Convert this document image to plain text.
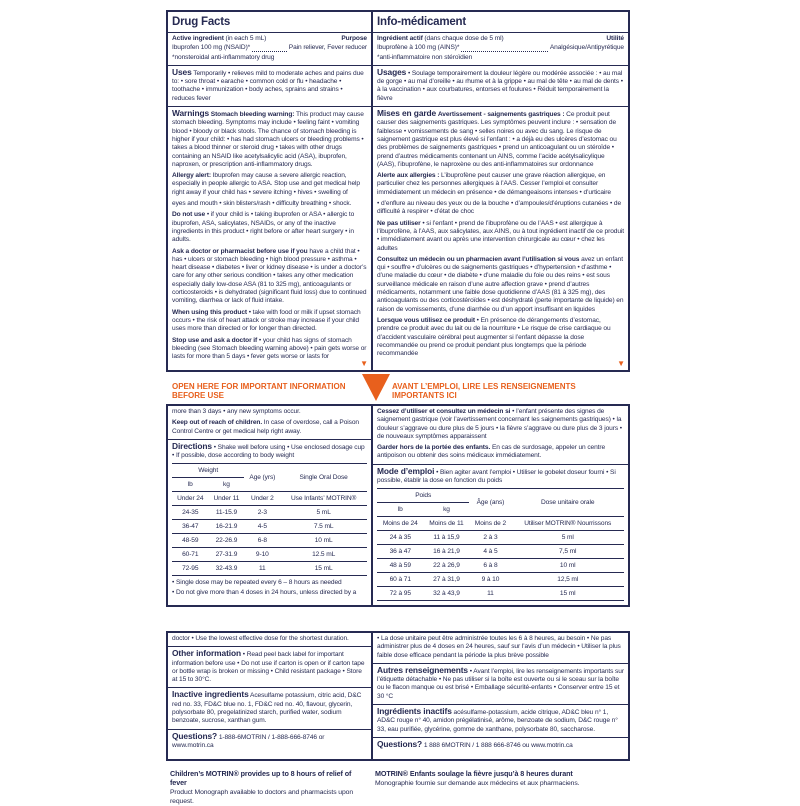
Drug Facts
Active ingredient (in each 5 mL)	Purpose
Ibuprofen 100 mg (NSAID)*	Pain reliever, Fever reducer
*nonsteroidal anti-inflammatory drug
Uses Temporarily • relieves mild to moderate aches and pains due to: • sore throat • earache • common cold or flu • headache • toothache • immunization • body aches, sprains and strains • reduces fever

Warnings Stomach bleeding warning: This product may cause stomach bleeding. Symptoms may include • feeling faint • vomiting blood • bloody or black stools. The chance of stomach bleeding is higher if your child: • has had stomach ulcers or bleeding problems • takes a blood thinner or steroid drug • takes with other drugs containing an NSAID like acetylsalicylic acid (ASA), ibuprofen, naproxen, or prescription anti-inflammatory drugs.

Allergy alert: Ibuprofen may cause a severe allergic reaction, especially in people allergic to ASA. Stop use and get medical help right away if your child has • severe itching • hives • swelling of

eyes and mouth • skin blisters/rash • difficulty breathing • shock.

Do not use • if your child is • taking ibuprofen or ASA • allergic to ibuprofen, ASA, salicylates, NSAIDs, or any of the inactive ingredients in this product • right before or after heart surgery • in adults.

Ask a doctor or pharmacist before use if you have a child that • has • ulcers or stomach bleeding • high blood pressure • asthma • heart disease • diabetes • liver or kidney disease • is under a doctor’s care for any other serious condition • takes any other medication especially daily low-dose ASA (81 to 325 mg), anticoagulants or corticosteroids • is dehydrated (significant fluid loss) due to continued vomiting, diarrhea or lack of fluid intake.

When using this product • take with food or milk if upset stomach occurs • the risk of heart attack or stroke may increase if your child uses more than directed or for longer than directed.

Stop use and ask a doctor if • your child has signs of stomach bleeding (see Stomach bleeding warning above) • pain gets worse or lasts for more than 5 days • fever gets worse or lasts for

▼
Info-médicament
Ingrédient actif (dans chaque dose de 5 ml)	Utilité
Ibuprofène à 100 mg (AINS)*	Analgésique/Antipyrétique
*anti-inflammatoire non stéroïdien
Usages • Soulage temporairement la douleur légère ou modérée associée : • au mal de gorge • au mal d’oreille • au rhume et à la grippe • au mal de tête • au mal de dents • à la vaccination • aux courbatures, entorses et foulures • Réduit temporairement la fièvre

Mises en garde Avertissement - saignements gastriques : Ce produit peut causer des saignements gastriques. Les symptômes peuvent inclure : • sensation de faiblesse • vomissements de sang • selles noires ou avec du sang. Le risque de saignement gastrique est plus élevé si l’enfant : • a déjà eu des ulcères d’estomac ou des problèmes de saignements gastriques • prend un anticoagulant ou un stéroïde • prend d’autres médicaments contenant un AINS, comme l’acide acétylsalicylique (AAS), l’ibuprofène, le naproxène ou des anti-inflammatoires sur ordonnance

Alerte aux allergies : L’ibuprofène peut causer une grave réaction allergique, en particulier chez les personnes allergiques à l’AAS. Cesser l’emploi et consulter immédiatement un médecin en présence • de démangeaisons intenses • d’urticaire

• d’enflure au niveau des yeux ou de la bouche • d’ampoules/d’éruptions cutanées • de difficulté à respirer • d’état de choc

Ne pas utiliser • si l’enfant • prend de l’ibuprofène ou de l’AAS • est allergique à l’ibuprofène, à l’AAS, aux salicylates, aux AINS, ou à tout ingrédient inactif de ce produit • immédiatement avant ou après une intervention chirurgicale au cœur • chez les adultes

Consultez un médecin ou un pharmacien avant l’utilisation si vous avez un enfant qui • souffre • d’ulcères ou de saignements gastriques • d’hypertension • d’asthme • d’une maladie du cœur • de diabète • d’une maladie du foie ou des reins • est sous surveillance médicale en raison d’une autre affection grave • prend d’autres médicaments, notamment une faible dose quotidienne d’AAS (81 à 325 mg), des anticoagulants ou des corticostéroïdes • est déshydraté (perte importante de liquide) en raison de vomissements, d’une diarrhée ou d’un apport insuffisant en liquides

Lorsque vous utilisez ce produit • En présence de dérangements d’estomac, prendre ce produit avec du lait ou de la nourriture • Le risque de crise cardiaque ou d’accident vasculaire cérébral peut augmenter si l’enfant dépasse la dose recommandée ou prend ce produit pendant plus longtemps que la période recommandée

▼
OPEN HERE FOR IMPORTANT INFORMATION BEFORE USE
AVANT L’EMPLOI, LIRE LES RENSEIGNEMENTS IMPORTANTS ICI

more than 3 days • any new symptoms occur.

Keep out of reach of children. In case of overdose, call a Poison Control Centre or get medical help right away.

Directions • Shake well before using • Use enclosed dosage cup • If possible, dose according to body weight
Weight		Age (yrs)	Single Oral Dose
lb	kg		
Under 24	Under 11	Under 2	Use Infants’ MOTRIN®
24-35	11-15.9	2-3	5 mL
36-47	16-21.9	4-5	7.5 mL
48-59	22-26.9	6-8	10 mL
60-71	27-31.9	9-10	12.5 mL
72-95	32-43.9	11	15 mL
• Single dose may be repeated every 6 – 8 hours as needed
• Do not give more than 4 doses in 24 hours, unless directed by a

Cessez d’utiliser et consultez un médecin si • l’enfant présente des signes de saignement gastrique (voir l’avertissement concernant les saignements gastriques) • la douleur s’aggrave ou dure plus de 5 jours • la fièvre s’aggrave ou dure plus de 3 jours • de nouveaux symptômes apparaissent

Garder hors de la portée des enfants. En cas de surdosage, appeler un centre antipoison ou obtenir des soins médicaux immédiatement.

Mode d’emploi • Bien agiter avant l’emploi • Utiliser le gobelet doseur fourni • Si possible, établir la dose en fonction du poids
Poids		Âge (ans)	Dose unitaire orale
lb	kg		
Moins de 24	Moins de 11	Moins de 2	Utiliser MOTRIN® Nourrissons
24 à 35	11 à 15,9	2 à 3	5 ml
36 à 47	16 à 21,9	4 à 5	7,5 ml
48 à 59	22 à 26,9	6 à 8	10 ml
60 à 71	27 à 31,9	9 à 10	12,5 ml
72 à 95	32 à 43,9	11	15 ml
doctor • Use the lowest effective dose for the shortest duration.
Other information • Read peel back label for important information before use • Do not use if carton is open or if carton tape or bottle wrap is broken or missing • Child resistant package • Store at 15 to 30°C.
Inactive ingredients Acesulfame potassium, citric acid, D&C red no. 33, FD&C blue no. 1, FD&C red no. 40, flavour, glycerin, polysorbate 80, pregelatinized starch, purified water, sodium benzoate, sucrose, xanthan gum.
Questions? 1-888-6MOTRIN / 1-888-666-8746 or www.motrin.ca
• La dose unitaire peut être administrée toutes les 6 à 8 heures, au besoin • Ne pas administrer plus de 4 doses en 24 heures, sauf sur l’avis d’un médecin • Utiliser la plus faible dose efficace pendant la période la plus brève possible
Autres renseignements • Avant l’emploi, lire les renseignements importants sur l’étiquette détachable • Ne pas utiliser si la boîte est ouverte ou si le sceau sur la boîte ou le flacon manque ou est brisé • Emballage sécurité-enfants • Conserver entre 15 et 30 °C
Ingrédients inactifs acésulfame-potassium, acide citrique, AD&C bleu n° 1, AD&C rouge n° 40, amidon prégélatinisé, arôme, benzoate de sodium, D&C rouge n° 33, eau purifiée, glycérine, gomme de xanthane, polysorbate 80, saccharose.
Questions? 1 888 6MOTRIN / 1 888 666-8746 ou www.motrin.ca
Children’s MOTRIN® provides up to 8 hours of relief of fever
Product Monograph available to doctors and pharmacists upon request.
MOTRIN® Enfants soulage la fièvre jusqu’à 8 heures durant
Monographie fournie sur demande aux médecins et aux pharmaciens.
